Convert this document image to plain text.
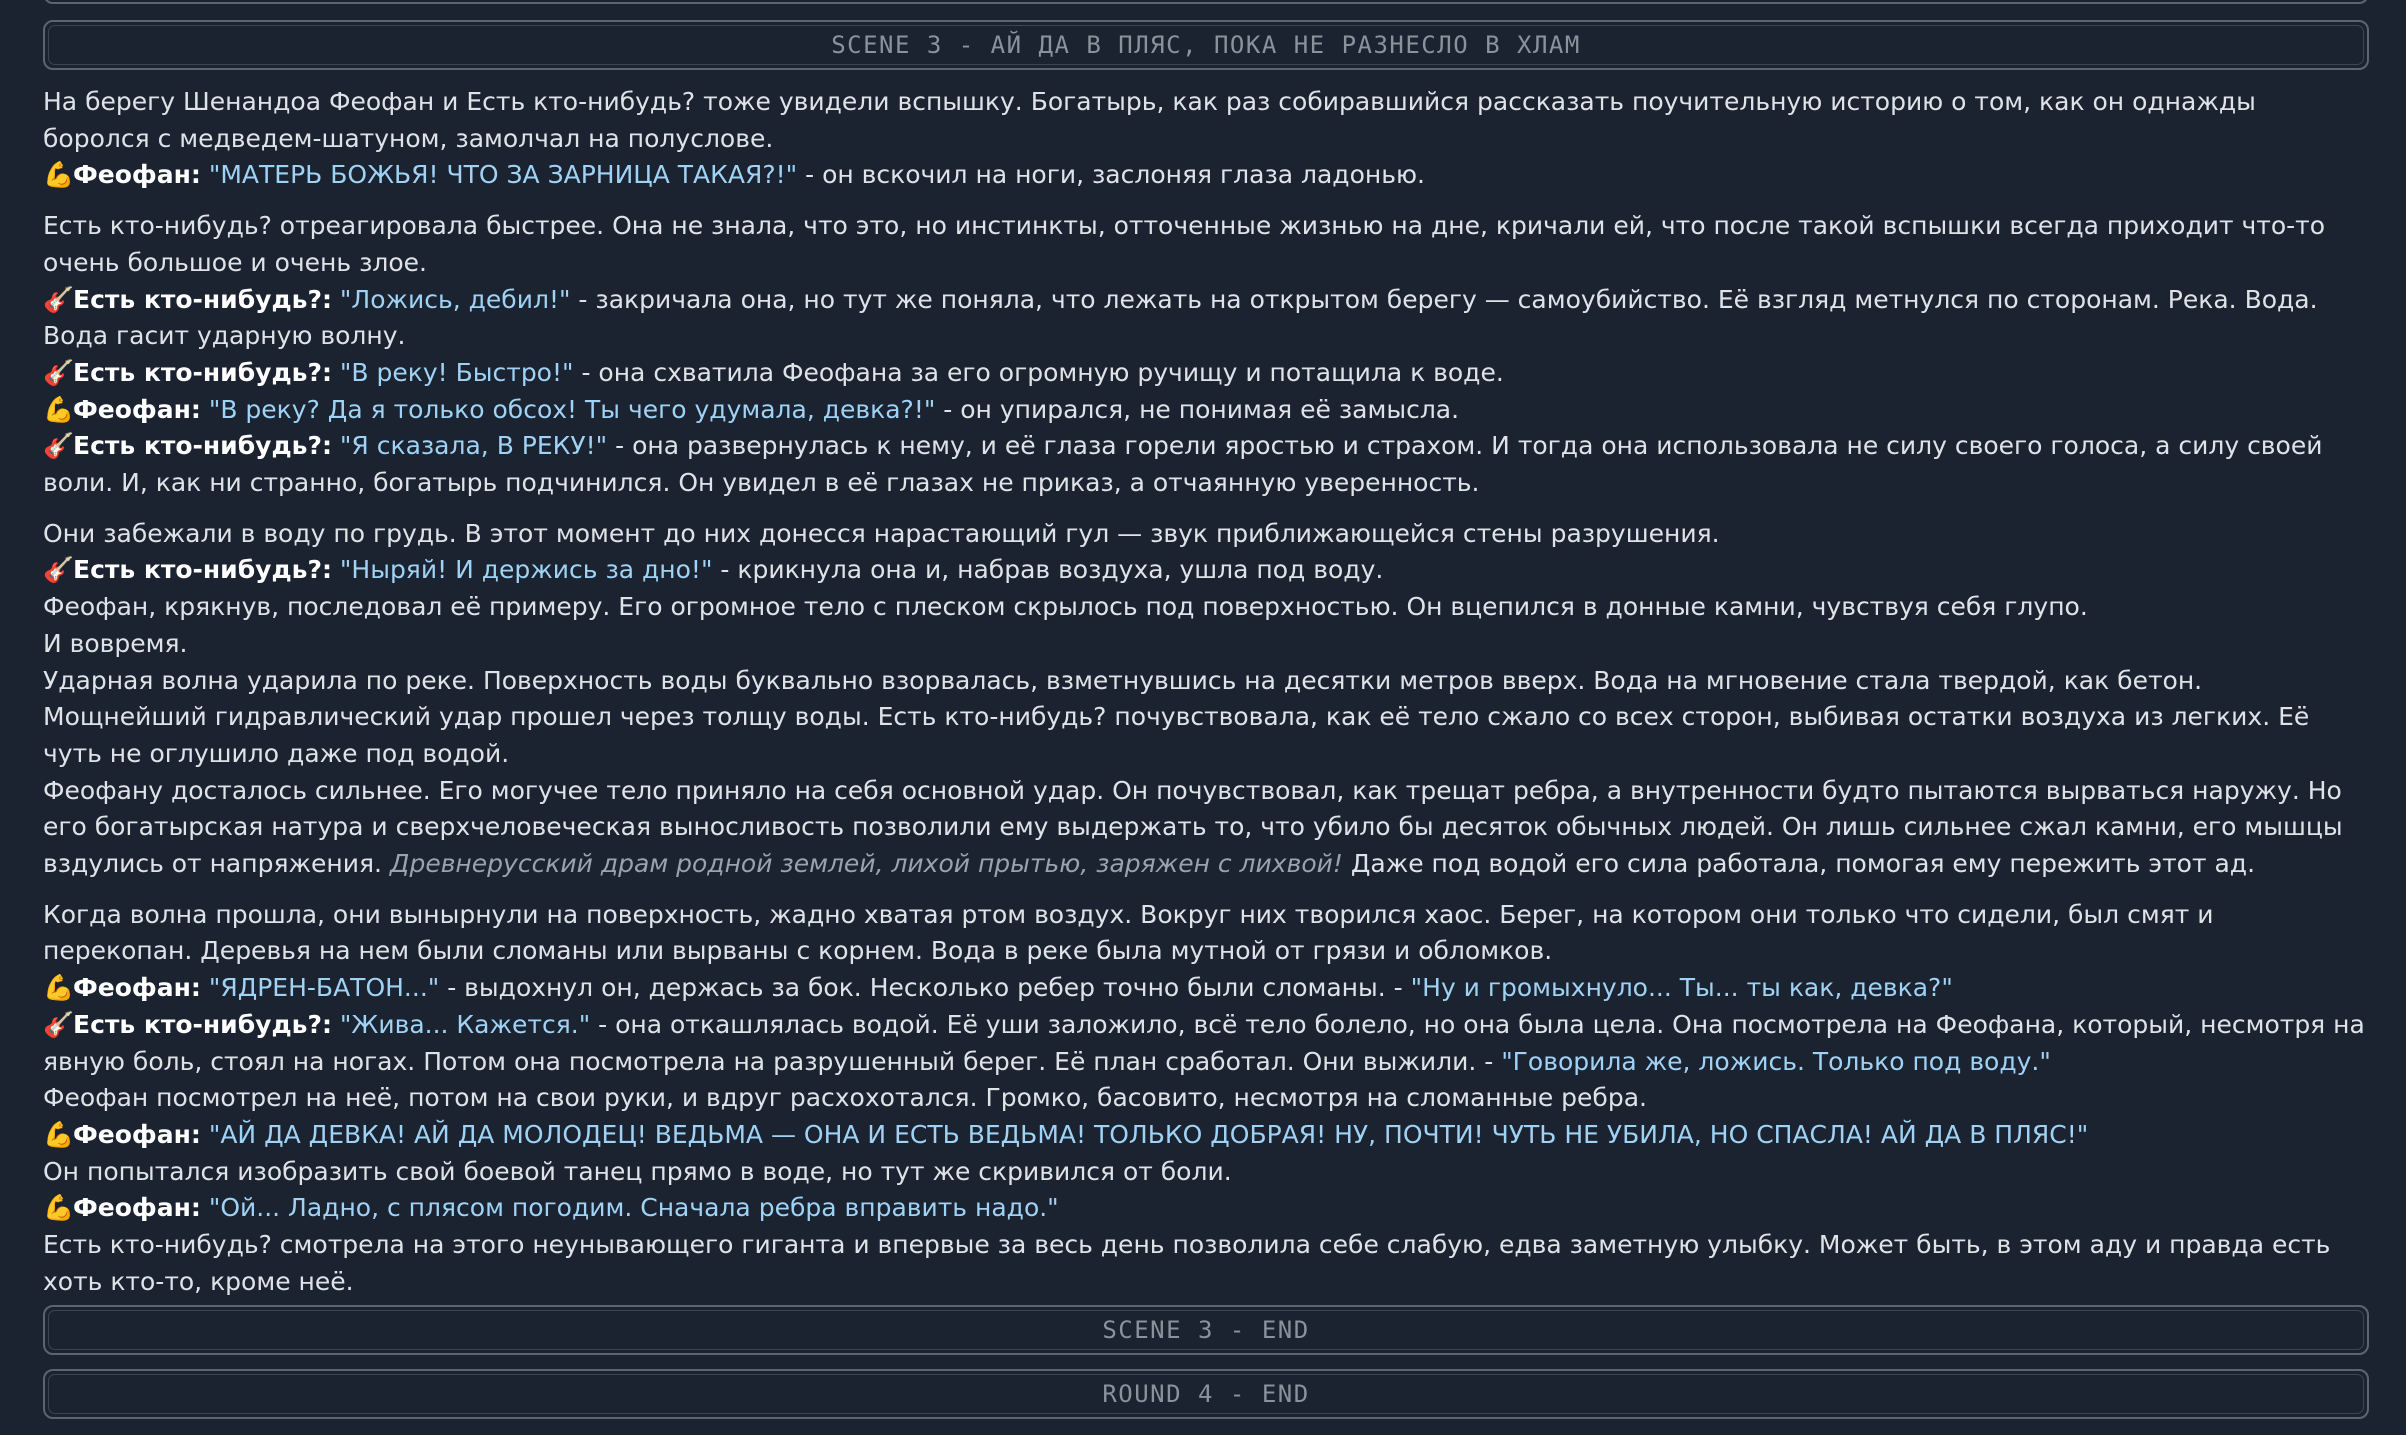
SCENE 3 - АЙ ДА В ПЛЯС, ПОКА НЕ РАЗНЕСЛО В ХЛАМ
На берегу Шенандоа Феофан и Есть кто-нибудь? тоже увидели вспышку. Богатырь, как раз собиравшийся рассказать поучительную историю о том, как он однажды боролся с медведем-шатуном, замолчал на полуслове.
💪Феофан: "МАТЕРЬ БОЖЬЯ! ЧТО ЗА ЗАРНИЦА ТАКАЯ?!" - он вскочил на ноги, заслоняя глаза ладонью.
Есть кто-нибудь? отреагировала быстрее. Она не знала, что это, но инстинкты, отточенные жизнью на дне, кричали ей, что после такой вспышки всегда приходит что-то очень большое и очень злое.
🎸Есть кто-нибудь?: "Ложись, дебил!" - закричала она, но тут же поняла, что лежать на открытом берегу — самоубийство. Её взгляд метнулся по сторонам. Река. Вода. Вода гасит ударную волну.
🎸Есть кто-нибудь?: "В реку! Быстро!" - она схватила Феофана за его огромную ручищу и потащила к воде.
💪Феофан: "В реку? Да я только обсох! Ты чего удумала, девка?!" - он упирался, не понимая её замысла.
🎸Есть кто-нибудь?: "Я сказала, В РЕКУ!" - она развернулась к нему, и её глаза горели яростью и страхом. И тогда она использовала не силу своего голоса, а силу своей воли. И, как ни странно, богатырь подчинился. Он увидел в её глазах не приказ, а отчаянную уверенность.
Они забежали в воду по грудь. В этот момент до них донесся нарастающий гул — звук приближающейся стены разрушения.
🎸Есть кто-нибудь?: "Ныряй! И держись за дно!" - крикнула она и, набрав воздуха, ушла под воду.
Феофан, крякнув, последовал её примеру. Его огромное тело с плеском скрылось под поверхностью. Он вцепился в донные камни, чувствуя себя глупо.
И вовремя.
Ударная волна ударила по реке. Поверхность воды буквально взорвалась, взметнувшись на десятки метров вверх. Вода на мгновение стала твердой, как бетон. Мощнейший гидравлический удар прошел через толщу воды. Есть кто-нибудь? почувствовала, как её тело сжало со всех сторон, выбивая остатки воздуха из легких. Её чуть не оглушило даже под водой.
Феофану досталось сильнее. Его могучее тело приняло на себя основной удар. Он почувствовал, как трещат ребра, а внутренности будто пытаются вырваться наружу. Но его богатырская натура и сверхчеловеческая выносливость позволили ему выдержать то, что убило бы десяток обычных людей. Он лишь сильнее сжал камни, его мышцы вздулись от напряжения. Древнерусский драм родной землей, лихой прытью, заряжен с лихвой! Даже под водой его сила работала, помогая ему пережить этот ад.
Когда волна прошла, они вынырнули на поверхность, жадно хватая ртом воздух. Вокруг них творился хаос. Берег, на котором они только что сидели, был смят и перекопан. Деревья на нем были сломаны или вырваны с корнем. Вода в реке была мутной от грязи и обломков.
💪Феофан: "ЯДРЕН-БАТОН..." - выдохнул он, держась за бок. Несколько ребер точно были сломаны. - "Ну и громыхнуло... Ты... ты как, девка?"
🎸Есть кто-нибудь?: "Жива... Кажется." - она откашлялась водой. Её уши заложило, всё тело болело, но она была цела. Она посмотрела на Феофана, который, несмотря на явную боль, стоял на ногах. Потом она посмотрела на разрушенный берег. Её план сработал. Они выжили. - "Говорила же, ложись. Только под воду."
Феофан посмотрел на неё, потом на свои руки, и вдруг расхохотался. Громко, басовито, несмотря на сломанные ребра.
💪Феофан: "АЙ ДА ДЕВКА! АЙ ДА МОЛОДЕЦ! ВЕДЬМА — ОНА И ЕСТЬ ВЕДЬМА! ТОЛЬКО ДОБРАЯ! НУ, ПОЧТИ! ЧУТЬ НЕ УБИЛА, НО СПАСЛА! АЙ ДА В ПЛЯС!"
Он попытался изобразить свой боевой танец прямо в воде, но тут же скривился от боли.
💪Феофан: "Ой... Ладно, с плясом погодим. Сначала ребра вправить надо."
Есть кто-нибудь? смотрела на этого неунывающего гиганта и впервые за весь день позволила себе слабую, едва заметную улыбку. Может быть, в этом аду и правда есть хоть кто-то, кроме неё.
SCENE 3 - END
ROUND 4 - END
